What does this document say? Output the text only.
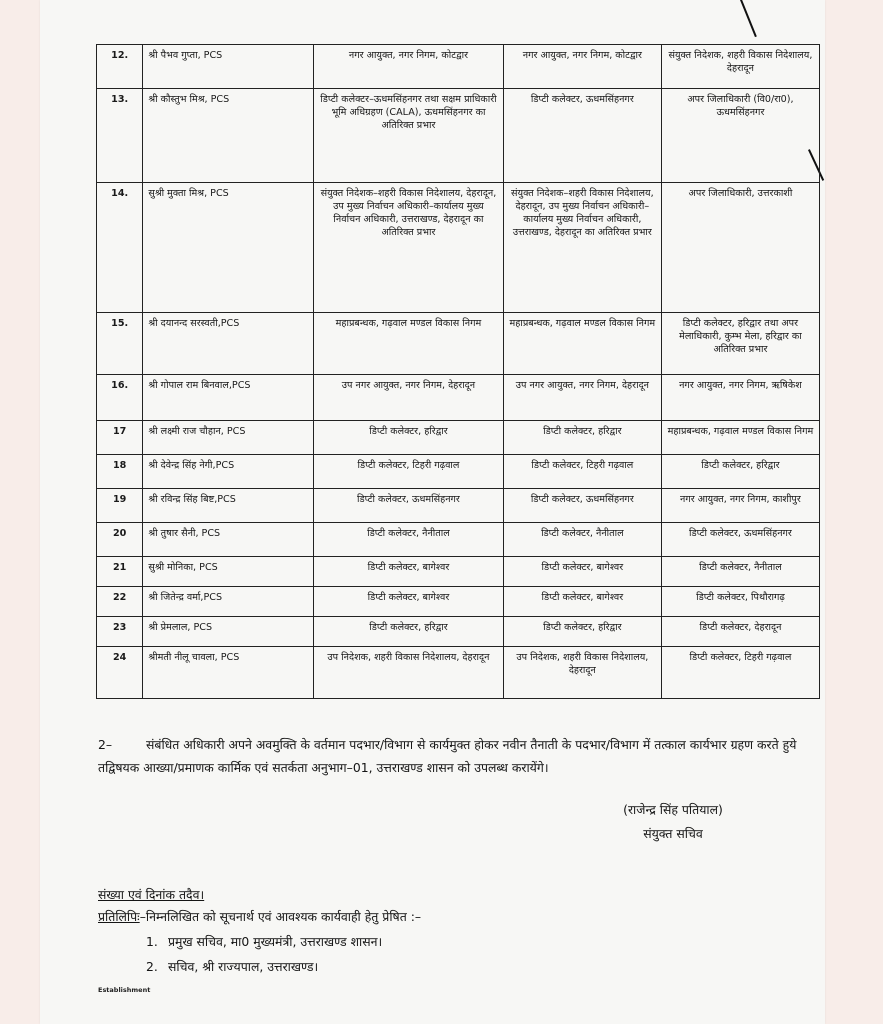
12.	श्री पैभव गुप्ता, PCS	नगर आयुक्त, नगर निगम, कोटद्वार	नगर आयुक्त, नगर निगम, कोटद्वार	संयुक्त निदेशक, शहरी विकास निदेशालय, देहरादून
13.	श्री कौस्तुभ मिश्र, PCS	डिप्टी कलेक्टर–ऊधमसिंहनगर तथा सक्षम प्राधिकारी भूमि अधिग्रहण (CALA), ऊधमसिंहनगर का अतिरिक्त प्रभार	डिप्टी कलेक्टर, ऊधमसिंहनगर	अपर जिलाधिकारी (वि0/रा0), ऊधमसिंहनगर
14.	सुश्री मुक्ता मिश्र, PCS	संयुक्त निदेशक–शहरी विकास निदेशालय, देहरादून, उप मुख्य निर्वाचन अधिकारी–कार्यालय मुख्य निर्वाचन अधिकारी, उत्तराखण्ड, देहरादून का अतिरिक्त प्रभार	संयुक्त निदेशक–शहरी विकास निदेशालय, देहरादून, उप मुख्य निर्वाचन अधिकारी–कार्यालय मुख्य निर्वाचन अधिकारी, उत्तराखण्ड, देहरादून का अतिरिक्त प्रभार	अपर जिलाधिकारी, उत्तरकाशी
15.	श्री दयानन्द सरस्वती,PCS	महाप्रबन्धक, गढ़वाल मण्डल विकास निगम	महाप्रबन्धक, गढ़वाल मण्डल विकास निगम	डिप्टी कलेक्टर, हरिद्वार तथा अपर मेलाधिकारी, कुम्भ मेला, हरिद्वार का अतिरिक्त प्रभार
16.	श्री गोपाल राम बिनवाल,PCS	उप नगर आयुक्त, नगर निगम, देहरादून	उप नगर आयुक्त, नगर निगम, देहरादून	नगर आयुक्त, नगर निगम, ऋषिकेश
17	श्री लक्ष्मी राज चौहान, PCS	डिप्टी कलेक्टर, हरिद्वार	डिप्टी कलेक्टर, हरिद्वार	महाप्रबन्धक, गढ़वाल मण्डल विकास निगम
18	श्री देवेन्द्र सिंह नेगी,PCS	डिप्टी कलेक्टर, टिहरी गढ़वाल	डिप्टी कलेक्टर, टिहरी गढ़वाल	डिप्टी कलेक्टर, हरिद्वार
19	श्री रविन्द्र सिंह बिष्ट,PCS	डिप्टी कलेक्टर, ऊधमसिंहनगर	डिप्टी कलेक्टर, ऊधमसिंहनगर	नगर आयुक्त, नगर निगम, काशीपुर
20	श्री तुषार सैनी, PCS	डिप्टी कलेक्टर, नैनीताल	डिप्टी कलेक्टर, नैनीताल	डिप्टी कलेक्टर, ऊधमसिंहनगर
21	सुश्री मोनिका, PCS	डिप्टी कलेक्टर, बागेश्वर	डिप्टी कलेक्टर, बागेश्वर	डिप्टी कलेक्टर, नैनीताल
22	श्री जितेन्द्र वर्मा,PCS	डिप्टी कलेक्टर, बागेश्वर	डिप्टी कलेक्टर, बागेश्वर	डिप्टी कलेक्टर, पिथौरागढ़
23	श्री प्रेमलाल, PCS	डिप्टी कलेक्टर, हरिद्वार	डिप्टी कलेक्टर, हरिद्वार	डिप्टी कलेक्टर, देहरादून
24	श्रीमती नीलू चावला, PCS	उप निदेशक, शहरी विकास निदेशालय, देहरादून	उप निदेशक, शहरी विकास निदेशालय, देहरादून	डिप्टी कलेक्टर, टिहरी गढ़वाल

2–	संबंधित अधिकारी अपने अवमुक्ति के वर्तमान पदभार/विभाग से कार्यमुक्त होकर नवीन तैनाती के पदभार/विभाग में तत्काल कार्यभार ग्रहण करते हुये तद्विषयक आख्या/प्रमाणक कार्मिक एवं सतर्कता अनुभाग–01, उत्तराखण्ड शासन को उपलब्ध करायेंगे।

(राजेन्द्र सिंह पतियाल)
संयुक्त सचिव
संख्या एवं दिनांक तदैव।
प्रतिलिपिः–निम्नलिखित को सूचनार्थ एवं आवश्यक कार्यवाही हेतु प्रेषित :–
1. प्रमुख सचिव, मा0 मुख्यमंत्री, उत्तराखण्ड शासन।
2. सचिव, श्री राज्यपाल, उत्तराखण्ड।
Establishment
